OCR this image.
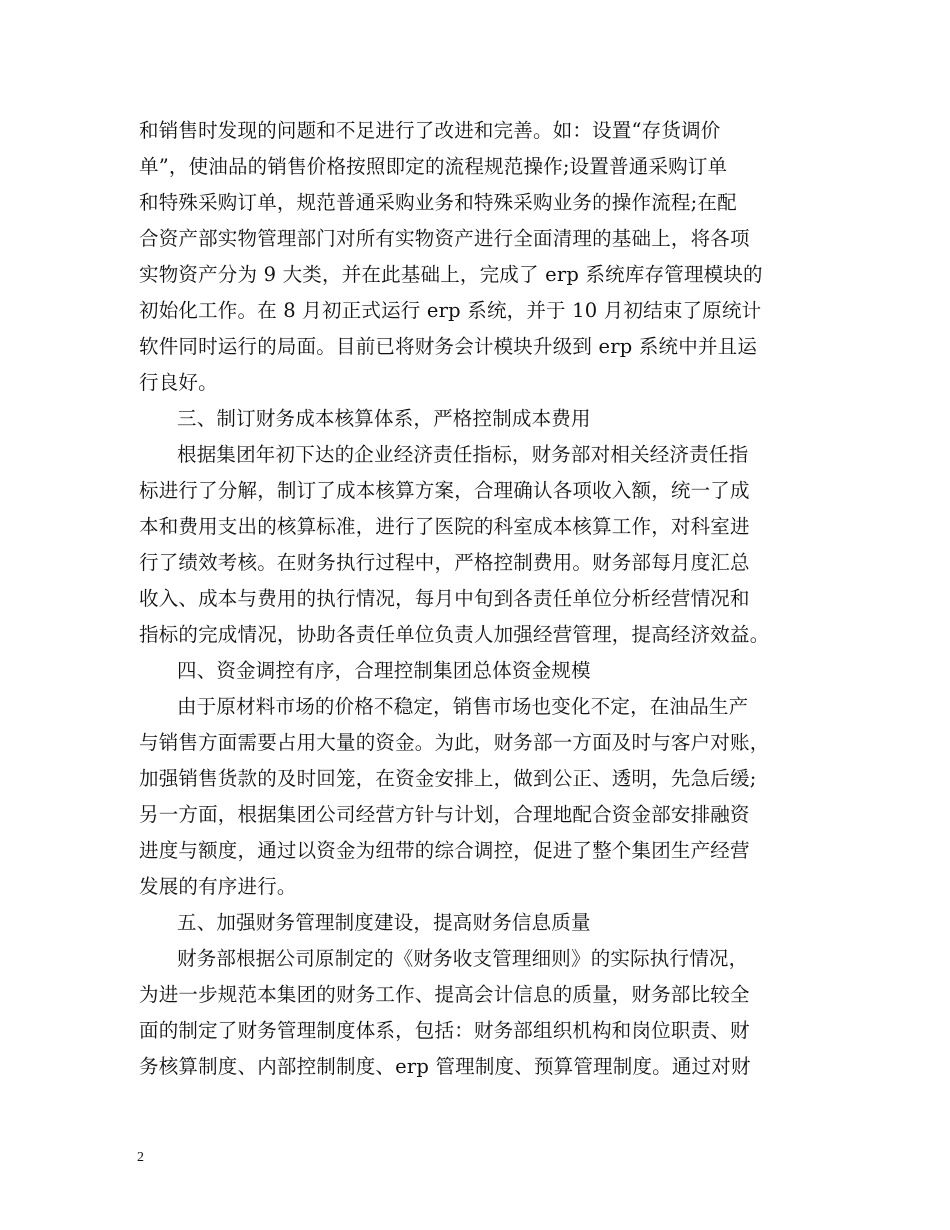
和销售时发现的问题和不足进行了改进和完善。如：设置“存货调价
单”，使油品的销售价格按照即定的流程规范操作;设置普通采购订单
和特殊采购订单，规范普通采购业务和特殊采购业务的操作流程;在配
合资产部实物管理部门对所有实物资产进行全面清理的基础上，将各项
实物资产分为 9 大类，并在此基础上，完成了 erp 系统库存管理模块的
初始化工作。在 8 月初正式运行 erp 系统，并于 10 月初结束了原统计
软件同时运行的局面。目前已将财务会计模块升级到 erp 系统中并且运
行良好。
三、制订财务成本核算体系，严格控制成本费用
根据集团年初下达的企业经济责任指标，财务部对相关经济责任指
标进行了分解，制订了成本核算方案，合理确认各项收入额，统一了成
本和费用支出的核算标准，进行了医院的科室成本核算工作，对科室进
行了绩效考核。在财务执行过程中，严格控制费用。财务部每月度汇总
收入、成本与费用的执行情况，每月中旬到各责任单位分析经营情况和
指标的完成情况，协助各责任单位负责人加强经营管理，提高经济效益。
四、资金调控有序，合理控制集团总体资金规模
由于原材料市场的价格不稳定，销售市场也变化不定，在油品生产
与销售方面需要占用大量的资金。为此，财务部一方面及时与客户对账，
加强销售货款的及时回笼，在资金安排上，做到公正、透明，先急后缓;
另一方面，根据集团公司经营方针与计划，合理地配合资金部安排融资
进度与额度，通过以资金为纽带的综合调控，促进了整个集团生产经营
发展的有序进行。
五、加强财务管理制度建设，提高财务信息质量
财务部根据公司原制定的《财务收支管理细则》的实际执行情况，
为进一步规范本集团的财务工作、提高会计信息的质量，财务部比较全
面的制定了财务管理制度体系，包括：财务部组织机构和岗位职责、财
务核算制度、内部控制制度、erp 管理制度、预算管理制度。通过对财
2
